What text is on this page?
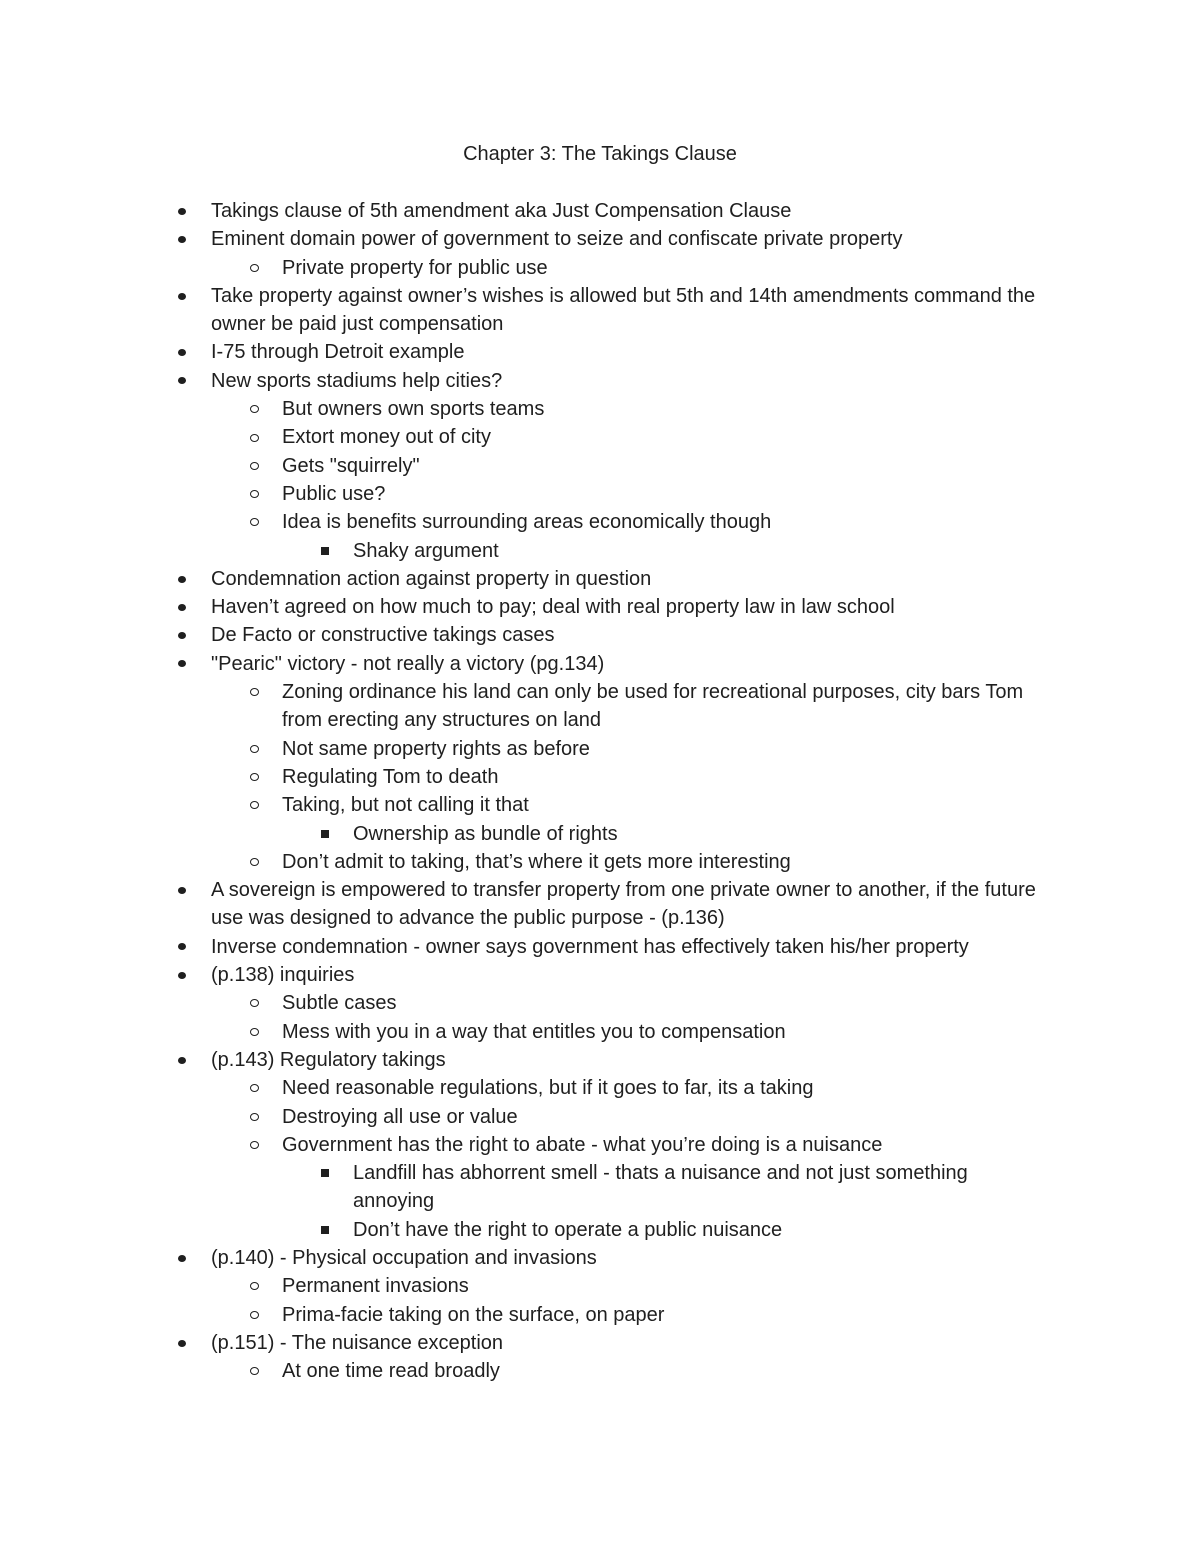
Chapter 3: The Takings Clause
Takings clause of 5th amendment aka Just Compensation Clause
Eminent domain power of government to seize and confiscate private property
Private property for public use
Take property against owner’s wishes is allowed but 5th and 14th amendments command the owner be paid just compensation
I-75 through Detroit example
New sports stadiums help cities?
But owners own sports teams
Extort money out of city
Gets "squirrely"
Public use?
Idea is benefits surrounding areas economically though
Shaky argument
Condemnation action against property in question
Haven’t agreed on how much to pay; deal with real property law in law school
De Facto or constructive takings cases
"Pearic" victory - not really a victory (pg.134)
Zoning ordinance his land can only be used for recreational purposes, city bars Tom from erecting any structures on land
Not same property rights as before
Regulating Tom to death
Taking, but not calling it that
Ownership as bundle of rights
Don’t admit to taking, that’s where it gets more interesting
A sovereign is empowered to transfer property from one private owner to another, if the future use was designed to advance the public purpose - (p.136)
Inverse condemnation - owner says government has effectively taken his/her property
(p.138) inquiries
Subtle cases
Mess with you in a way that entitles you to compensation
(p.143) Regulatory takings
Need reasonable regulations, but if it goes to far, its a taking
Destroying all use or value
Government has the right to abate - what you’re doing is a nuisance
Landfill has abhorrent smell - thats a nuisance and not just something annoying
Don’t have the right to operate a public nuisance
(p.140) - Physical occupation and invasions
Permanent invasions
Prima-facie taking on the surface, on paper
(p.151) - The nuisance exception
At one time read broadly
